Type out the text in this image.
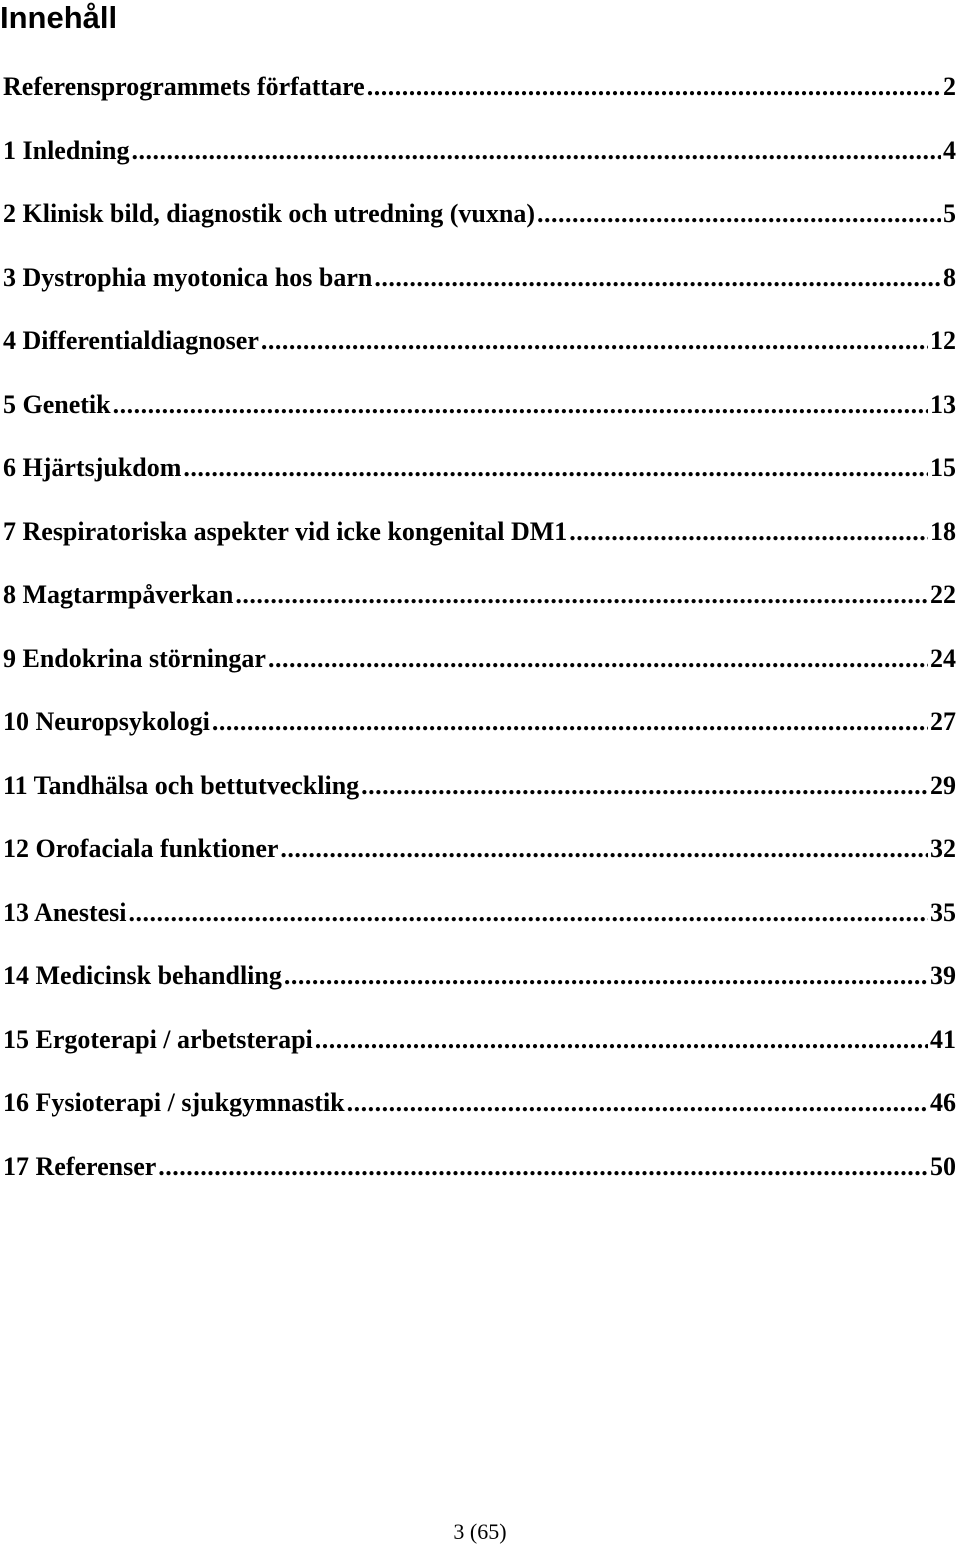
Innehåll
Referensprogrammets författare .....	2
1 Inledning .....	4
2 Klinisk bild, diagnostik och utredning (vuxna) .....	5
3 Dystrophia myotonica hos barn .....	8
4 Differentialdiagnoser .....	12
5 Genetik .....	13
6 Hjärtsjukdom .....	15
7 Respiratoriska aspekter vid icke kongenital DM1 .....	18
8 Magtarmpåverkan .....	22
9 Endokrina störningar .....	24
10 Neuropsykologi .....	27
11 Tandhälsa och bettutveckling .....	29
12 Orofaciala funktioner .....	32
13 Anestesi .....	35
14 Medicinsk behandling .....	39
15 Ergoterapi / arbetsterapi .....	41
16 Fysioterapi / sjukgymnastik .....	46
17 Referenser .....	50
3 (65)
